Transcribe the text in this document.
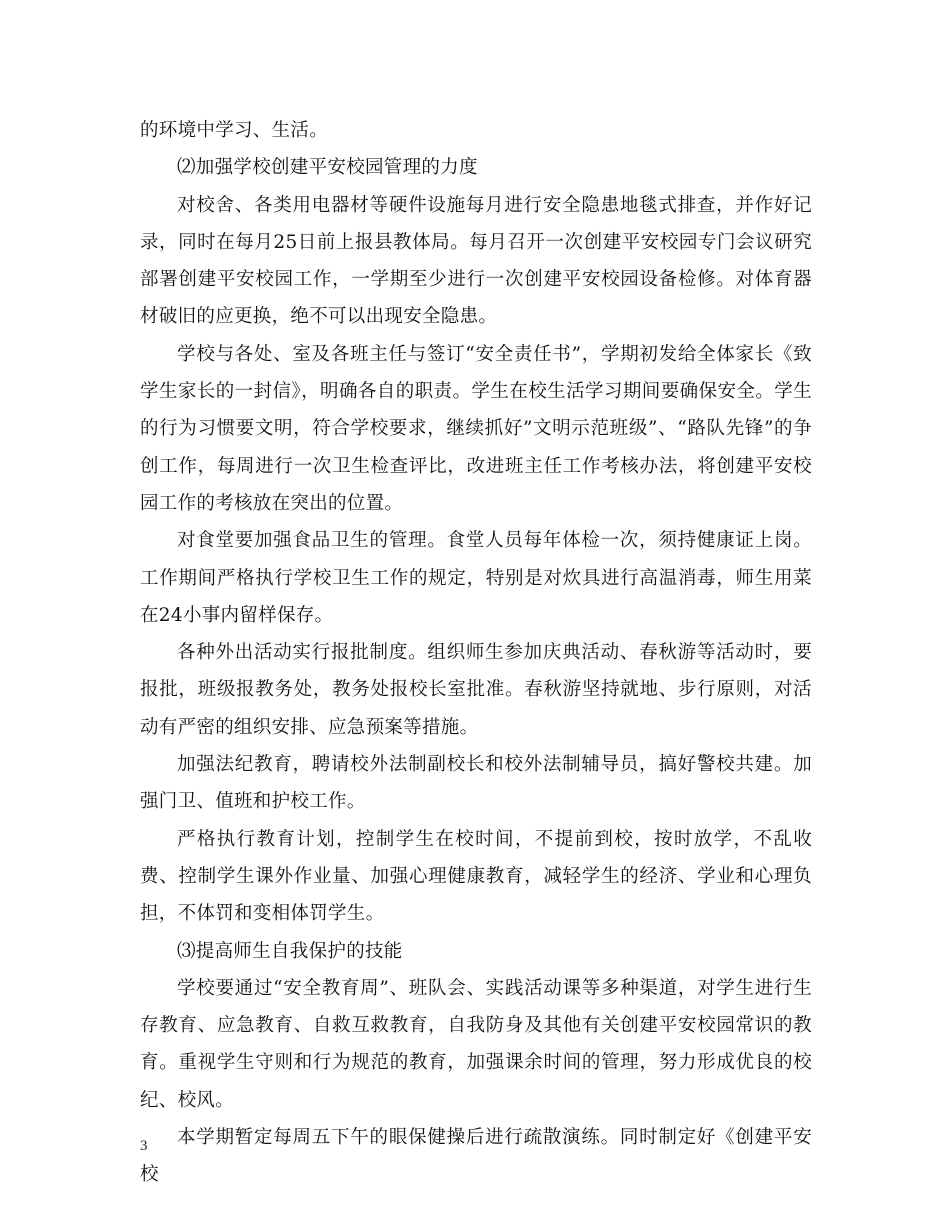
的环境中学习、生活。

⑵加强学校创建平安校园管理的力度

对校舍、各类用电器材等硬件设施每月进行安全隐患地毯式排查，并作好记录，同时在每月25日前上报县教体局。每月召开一次创建平安校园专门会议研究部署创建平安校园工作，一学期至少进行一次创建平安校园设备检修。对体育器材破旧的应更换，绝不可以出现安全隐患。

学校与各处、室及各班主任与签订“安全责任书”，学期初发给全体家长《致学生家长的一封信》，明确各自的职责。学生在校生活学习期间要确保安全。学生的行为习惯要文明，符合学校要求，继续抓好”文明示范班级”、“路队先锋”的争创工作，每周进行一次卫生检查评比，改进班主任工作考核办法，将创建平安校园工作的考核放在突出的位置。

对食堂要加强食品卫生的管理。食堂人员每年体检一次，须持健康证上岗。工作期间严格执行学校卫生工作的规定，特别是对炊具进行高温消毒，师生用菜在24小事内留样保存。

各种外出活动实行报批制度。组织师生参加庆典活动、春秋游等活动时，要报批，班级报教务处，教务处报校长室批准。春秋游坚持就地、步行原则，对活动有严密的组织安排、应急预案等措施。

加强法纪教育，聘请校外法制副校长和校外法制辅导员，搞好警校共建。加强门卫、值班和护校工作。

严格执行教育计划，控制学生在校时间，不提前到校，按时放学，不乱收费、控制学生课外作业量、加强心理健康教育，减轻学生的经济、学业和心理负担，不体罚和变相体罚学生。

⑶提高师生自我保护的技能

学校要通过“安全教育周”、班队会、实践活动课等多种渠道，对学生进行生存教育、应急教育、自救互救教育，自我防身及其他有关创建平安校园常识的教育。重视学生守则和行为规范的教育，加强课余时间的管理，努力形成优良的校纪、校风。

本学期暂定每周五下午的眼保健操后进行疏散演练。同时制定好《创建平安校

3
